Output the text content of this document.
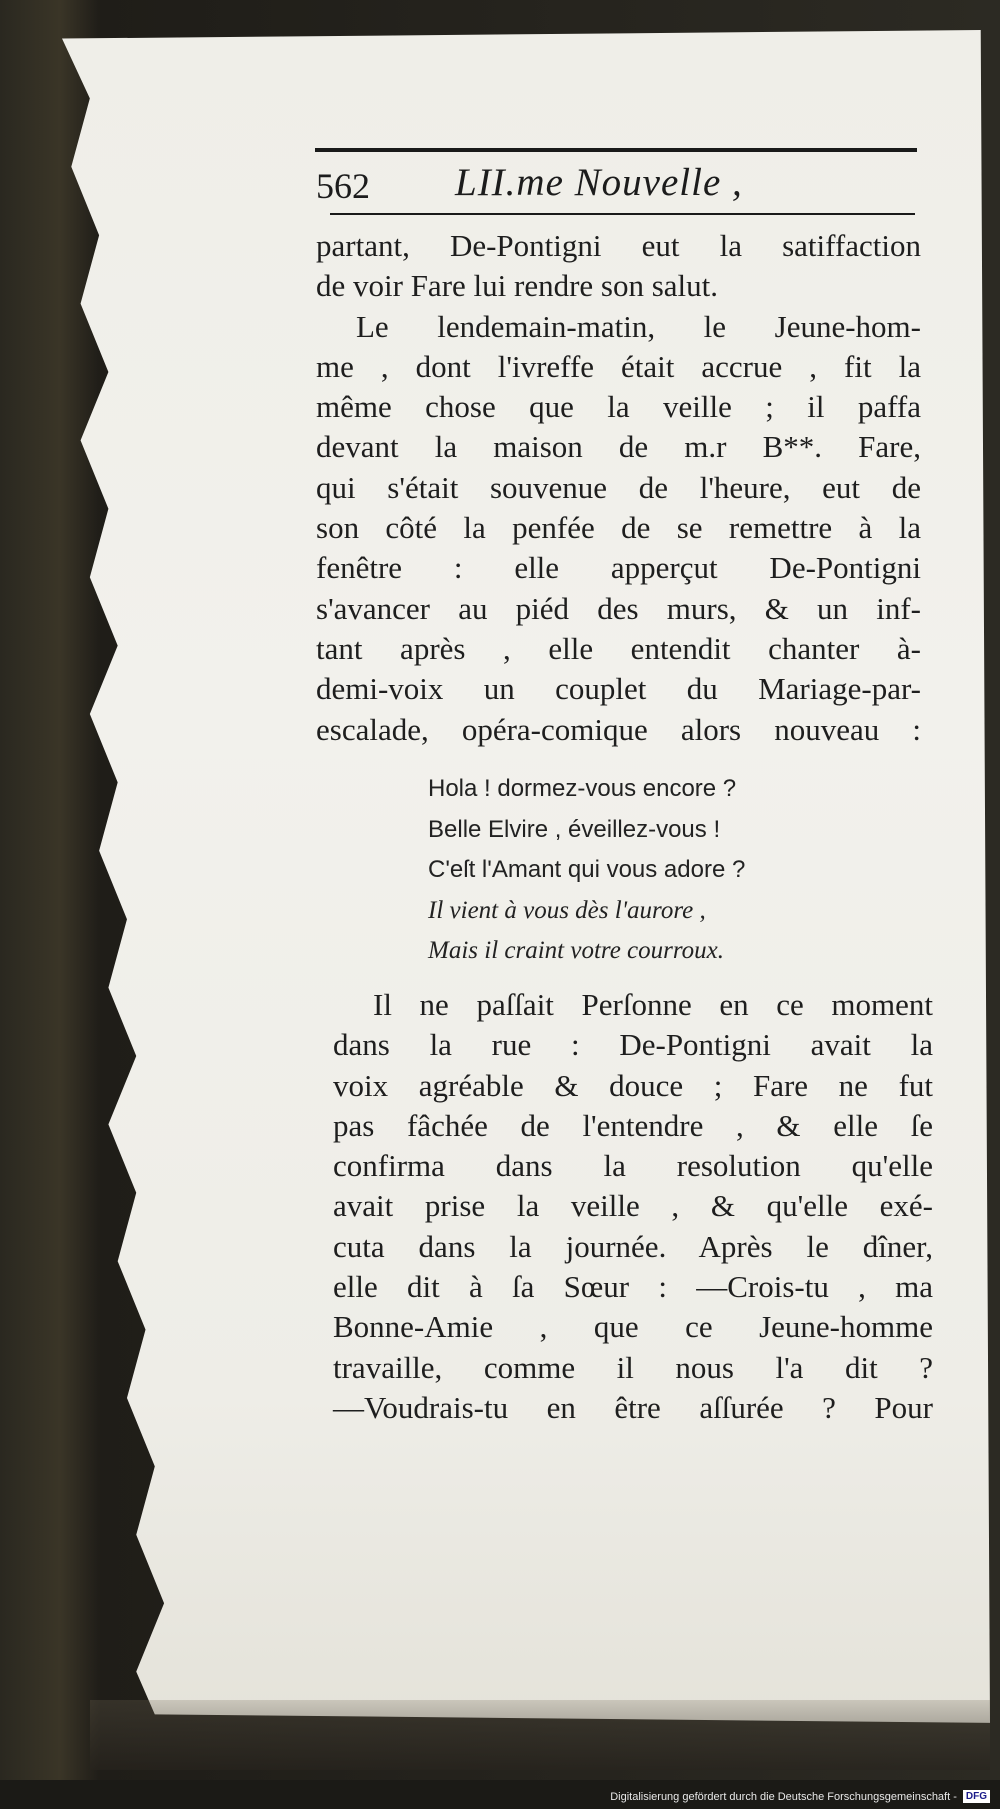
562 LII.me Nouvelle ,
partant, De-Pontigni eut la satiffaction
de voir Fare lui rendre son salut.
Le lendemain-matin, le Jeune-hom-
me , dont l'ivreffe était accrue , fit la
même chose que la veille ; il paffa
devant la maison de m.r B**. Fare,
qui s'était souvenue de l'heure, eut de
son côté la penfée de se remettre à la
fenêtre : elle apperçut De-Pontigni
s'avancer au piéd des murs, & un inf-
tant après , elle entendit chanter à-
demi-voix un couplet du Mariage-par-
escalade, opéra-comique alors nouveau :
Hola ! dormez-vous encore ?
Belle Elvire , éveillez-vous !
C'eſt l'Amant qui vous adore ?
Il vient à vous dès l'aurore ,
Mais il craint votre courroux.
Il ne paſſait Perſonne en ce moment
dans la rue : De-Pontigni avait la
voix agréable & douce ; Fare ne fut
pas fâchée de l'entendre , & elle ſe
confirma dans la resolution qu'elle
avait prise la veille , & qu'elle exé-
cuta dans la journée. Après le dîner,
elle dit à ſa Sœur : —Crois-tu , ma
Bonne-Amie , que ce Jeune-homme
travaille, comme il nous l'a dit ?
—Voudrais-tu en être aſſurée ? Pour
Digitalisierung gefördert durch die Deutsche Forschungsgemeinschaft - DFG
